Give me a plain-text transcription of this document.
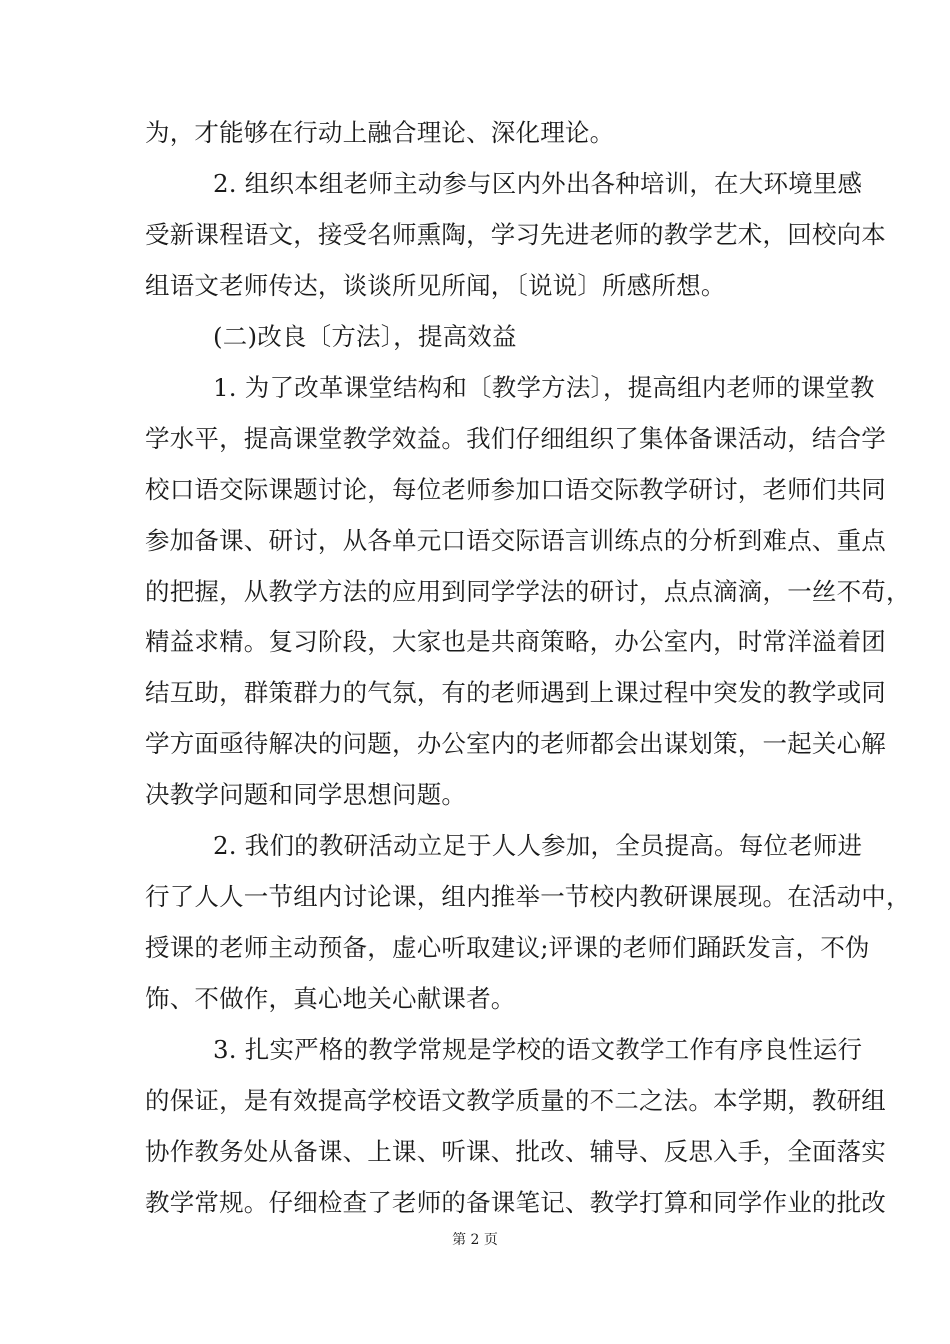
为，才能够在行动上融合理论、深化理论。
2. 组织本组老师主动参与区内外出各种培训，在大环境里感
受新课程语文，接受名师熏陶，学习先进老师的教学艺术，回校向本
组语文老师传达，谈谈所见所闻，〔说说〕所感所想。
(二)改良〔方法〕，提高效益
1. 为了改革课堂结构和〔教学方法〕，提高组内老师的课堂教
学水平，提高课堂教学效益。我们仔细组织了集体备课活动，结合学
校口语交际课题讨论，每位老师参加口语交际教学研讨，老师们共同
参加备课、研讨，从各单元口语交际语言训练点的分析到难点、重点
的把握，从教学方法的应用到同学学法的研讨，点点滴滴，一丝不苟，
精益求精。复习阶段，大家也是共商策略，办公室内，时常洋溢着团
结互助，群策群力的气氛，有的老师遇到上课过程中突发的教学或同
学方面亟待解决的问题，办公室内的老师都会出谋划策，一起关心解
决教学问题和同学思想问题。
2. 我们的教研活动立足于人人参加，全员提高。每位老师进
行了人人一节组内讨论课，组内推举一节校内教研课展现。在活动中，
授课的老师主动预备，虚心听取建议;评课的老师们踊跃发言，不伪
饰、不做作，真心地关心献课者。
3. 扎实严格的教学常规是学校的语文教学工作有序良性运行
的保证，是有效提高学校语文教学质量的不二之法。本学期，教研组
协作教务处从备课、上课、听课、批改、辅导、反思入手，全面落实
教学常规。仔细检查了老师的备课笔记、教学打算和同学作业的批改
第 2 页
